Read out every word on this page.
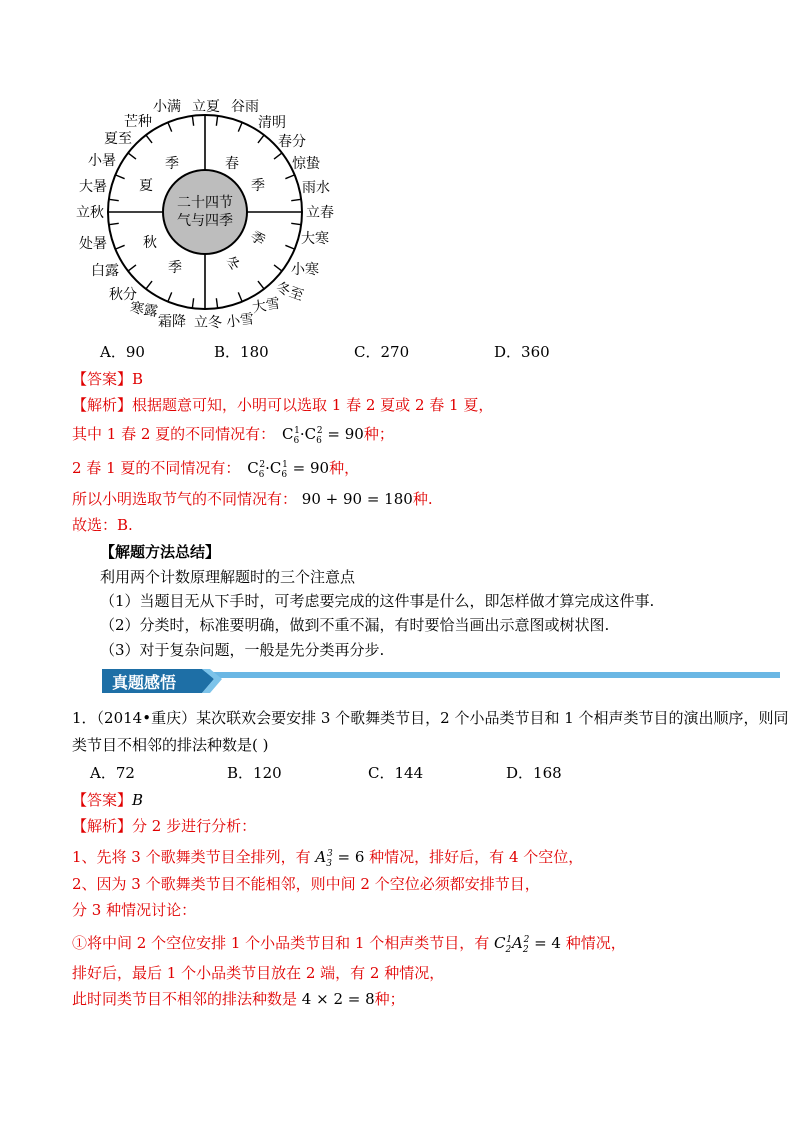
二十四节
气与四季
春
季
季
夏
秋
季	冬
季
立夏 谷雨
清明
春分
惊蛰
雨水
立春
大寒
小寒
冬至
大雪
小雪
立冬
霜降
寒露
秋分
白露
处暑
立秋
大暑
小暑
夏至
芒种
小满
A．90	B．180	C．270	D．360
【答案】B
【解析】根据题意可知，小明可以选取 1 春 2 夏或 2 春 1 夏，
其中 1 春 2 夏的不同情况有： $C_6^1\cdot C_6^2 = 90$种；
2 春 1 夏的不同情况有： $C_6^2\cdot C_6^1 = 90$种，
所以小明选取节气的不同情况有： 90 + 90 = 180种.
故选：B.
【解题方法总结】
利用两个计数原理解题时的三个注意点
（1）当题目无从下手时，可考虑要完成的这件事是什么，即怎样做才算完成这件事.
（2）分类时，标准要明确，做到不重不漏，有时要恰当画出示意图或树状图.
（3）对于复杂问题，一般是先分类再分步.
真题感悟
1．（2014•重庆）某次联欢会要安排 3 个歌舞类节目，2 个小品类节目和 1 个相声类节目的演出顺序，则同
类节目不相邻的排法种数是( )
A．72	B．120	C．144	D．168
【答案】B
【解析】分 2 步进行分析：
1、先将 3 个歌舞类节目全排列，有 $A_3^3 = 6$ 种情况，排好后，有 4 个空位，
2、因为 3 个歌舞类节目不能相邻，则中间 2 个空位必须都安排节目，
分 3 种情况讨论：
①将中间 2 个空位安排 1 个小品类节目和 1 个相声类节目，有 $C_2^1A_2^2 = 4$ 种情况，
排好后，最后 1 个小品类节目放在 2 端，有 2 种情况，
此时同类节目不相邻的排法种数是 4 × 2 = 8种；
